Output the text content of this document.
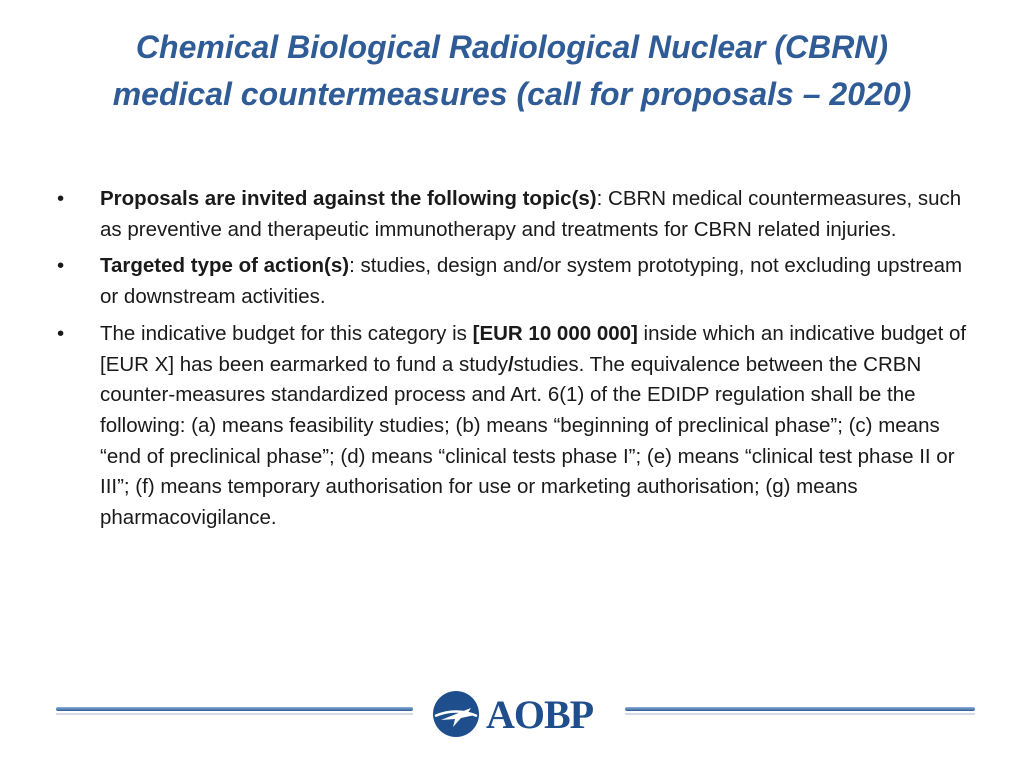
Chemical Biological Radiological Nuclear (CBRN)
medical countermeasures (call for proposals – 2020)
• Proposals are invited against the following topic(s): CBRN medical countermeasures, such as preventive and therapeutic immunotherapy and treatments for CBRN related injuries.
• Targeted type of action(s): studies, design and/or system prototyping, not excluding upstream or downstream activities.
• The indicative budget for this category is [EUR 10 000 000] inside which an indicative budget of [EUR X] has been earmarked to fund a study/studies. The equivalence between the CRBN counter-measures standardized process and Art. 6(1) of the EDIDP regulation shall be the following: (a) means feasibility studies; (b) means “beginning of preclinical phase”; (c) means “end of preclinical phase”; (d) means “clinical tests phase I”; (e) means “clinical test phase II or III”; (f) means temporary authorisation for use or marketing authorisation; (g) means pharmacovigilance.
AOBP
